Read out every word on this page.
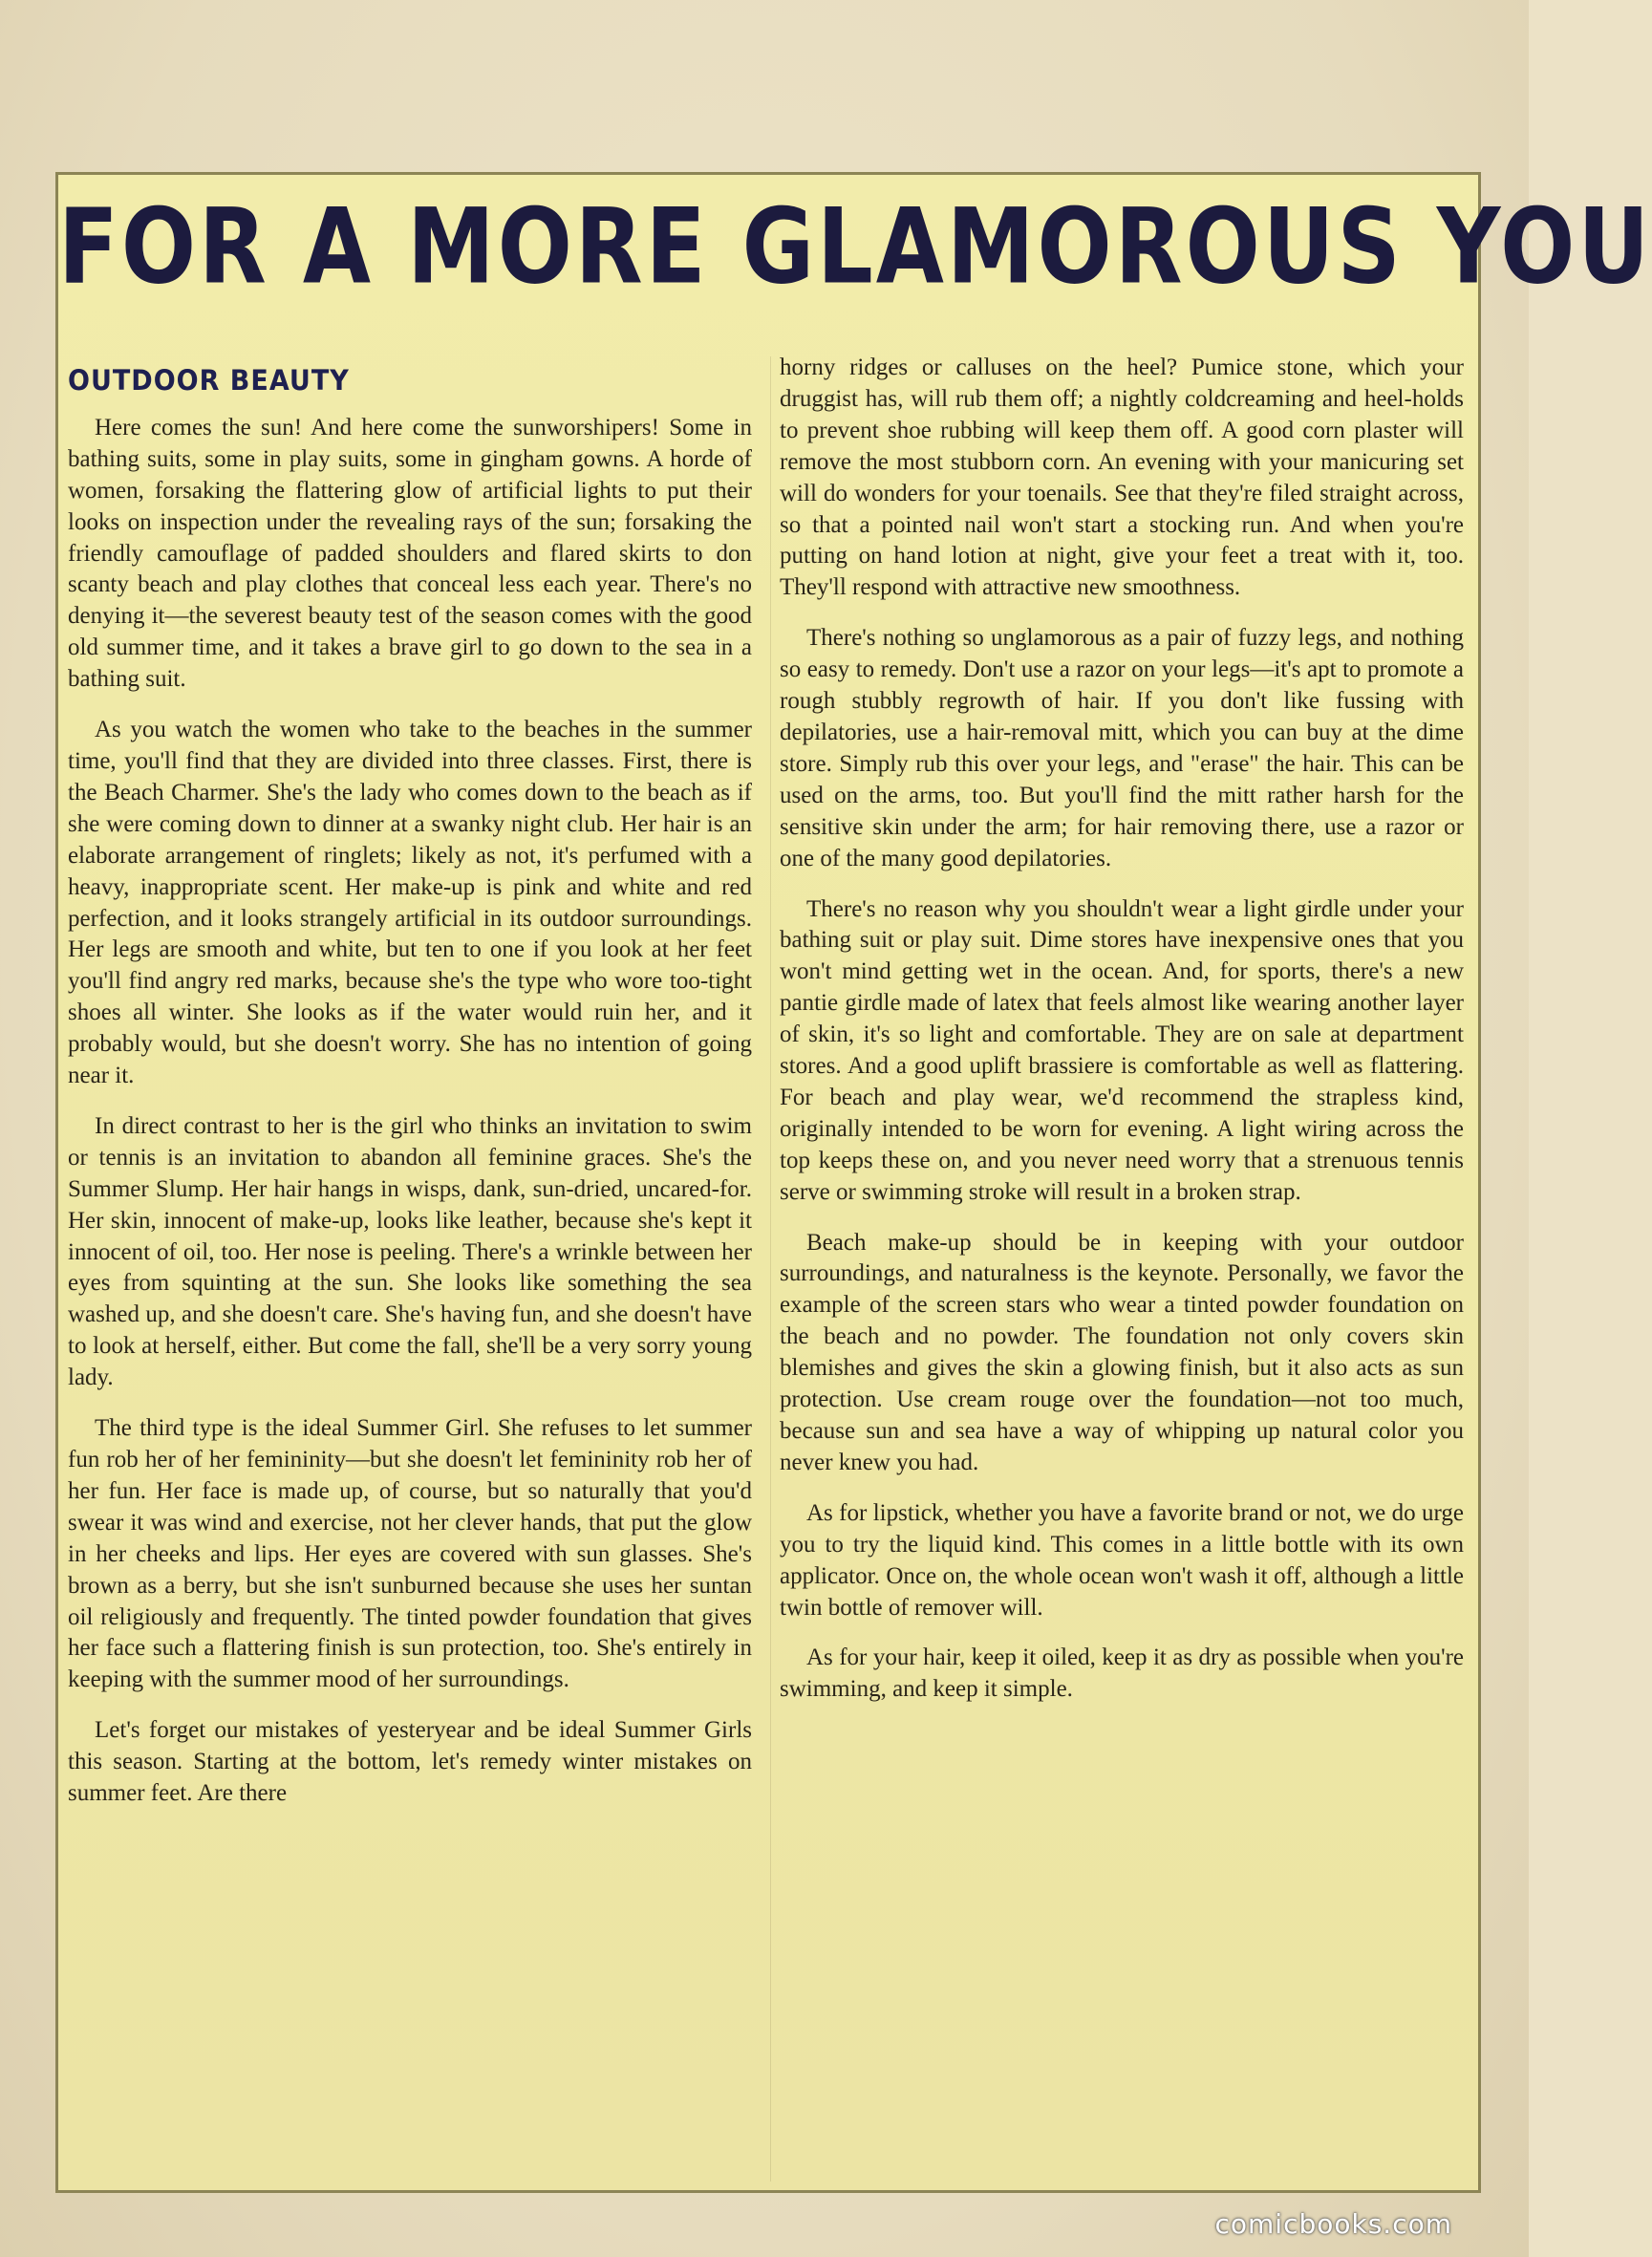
FOR A MORE GLAMOROUS YOU
OUTDOOR BEAUTY

Here comes the sun! And here come the sunworshipers! Some in bathing suits, some in play suits, some in gingham gowns. A horde of women, forsaking the flattering glow of artificial lights to put their looks on inspection under the revealing rays of the sun; forsaking the friendly camouflage of padded shoulders and flared skirts to don scanty beach and play clothes that conceal less each year. There's no denying it—the severest beauty test of the season comes with the good old summer time, and it takes a brave girl to go down to the sea in a bathing suit.

As you watch the women who take to the beaches in the summer time, you'll find that they are divided into three classes. First, there is the Beach Charmer. She's the lady who comes down to the beach as if she were coming down to dinner at a swanky night club. Her hair is an elaborate arrangement of ringlets; likely as not, it's perfumed with a heavy, inappropriate scent. Her make-up is pink and white and red perfection, and it looks strangely artificial in its outdoor surroundings. Her legs are smooth and white, but ten to one if you look at her feet you'll find angry red marks, because she's the type who wore too-tight shoes all winter. She looks as if the water would ruin her, and it probably would, but she doesn't worry. She has no intention of going near it.

In direct contrast to her is the girl who thinks an invitation to swim or tennis is an invitation to abandon all feminine graces. She's the Summer Slump. Her hair hangs in wisps, dank, sun-dried, uncared-for. Her skin, innocent of make-up, looks like leather, because she's kept it innocent of oil, too. Her nose is peeling. There's a wrinkle between her eyes from squinting at the sun. She looks like something the sea washed up, and she doesn't care. She's having fun, and she doesn't have to look at herself, either. But come the fall, she'll be a very sorry young lady.

The third type is the ideal Summer Girl. She refuses to let summer fun rob her of her femininity—but she doesn't let femininity rob her of her fun. Her face is made up, of course, but so naturally that you'd swear it was wind and exercise, not her clever hands, that put the glow in her cheeks and lips. Her eyes are covered with sun glasses. She's brown as a berry, but she isn't sunburned because she uses her suntan oil religiously and frequently. The tinted powder foundation that gives her face such a flattering finish is sun protection, too. She's entirely in keeping with the summer mood of her surroundings.

Let's forget our mistakes of yesteryear and be ideal Summer Girls this season. Starting at the bottom, let's remedy winter mistakes on summer feet. Are there

horny ridges or calluses on the heel? Pumice stone, which your druggist has, will rub them off; a nightly coldcreaming and heel-holds to prevent shoe rubbing will keep them off. A good corn plaster will remove the most stubborn corn. An evening with your manicuring set will do wonders for your toenails. See that they're filed straight across, so that a pointed nail won't start a stocking run. And when you're putting on hand lotion at night, give your feet a treat with it, too. They'll respond with attractive new smoothness.

There's nothing so unglamorous as a pair of fuzzy legs, and nothing so easy to remedy. Don't use a razor on your legs—it's apt to promote a rough stubbly regrowth of hair. If you don't like fussing with depilatories, use a hair-removal mitt, which you can buy at the dime store. Simply rub this over your legs, and "erase" the hair. This can be used on the arms, too. But you'll find the mitt rather harsh for the sensitive skin under the arm; for hair removing there, use a razor or one of the many good depilatories.

There's no reason why you shouldn't wear a light girdle under your bathing suit or play suit. Dime stores have inexpensive ones that you won't mind getting wet in the ocean. And, for sports, there's a new pantie girdle made of latex that feels almost like wearing another layer of skin, it's so light and comfortable. They are on sale at department stores. And a good uplift brassiere is comfortable as well as flattering. For beach and play wear, we'd recommend the strapless kind, originally intended to be worn for evening. A light wiring across the top keeps these on, and you never need worry that a strenuous tennis serve or swimming stroke will result in a broken strap.

Beach make-up should be in keeping with your outdoor surroundings, and naturalness is the keynote. Personally, we favor the example of the screen stars who wear a tinted powder foundation on the beach and no powder. The foundation not only covers skin blemishes and gives the skin a glowing finish, but it also acts as sun protection. Use cream rouge over the foundation—not too much, because sun and sea have a way of whipping up natural color you never knew you had.

As for lipstick, whether you have a favorite brand or not, we do urge you to try the liquid kind. This comes in a little bottle with its own applicator. Once on, the whole ocean won't wash it off, although a little twin bottle of remover will.

As for your hair, keep it oiled, keep it as dry as possible when you're swimming, and keep it simple.

comicbooks.com
